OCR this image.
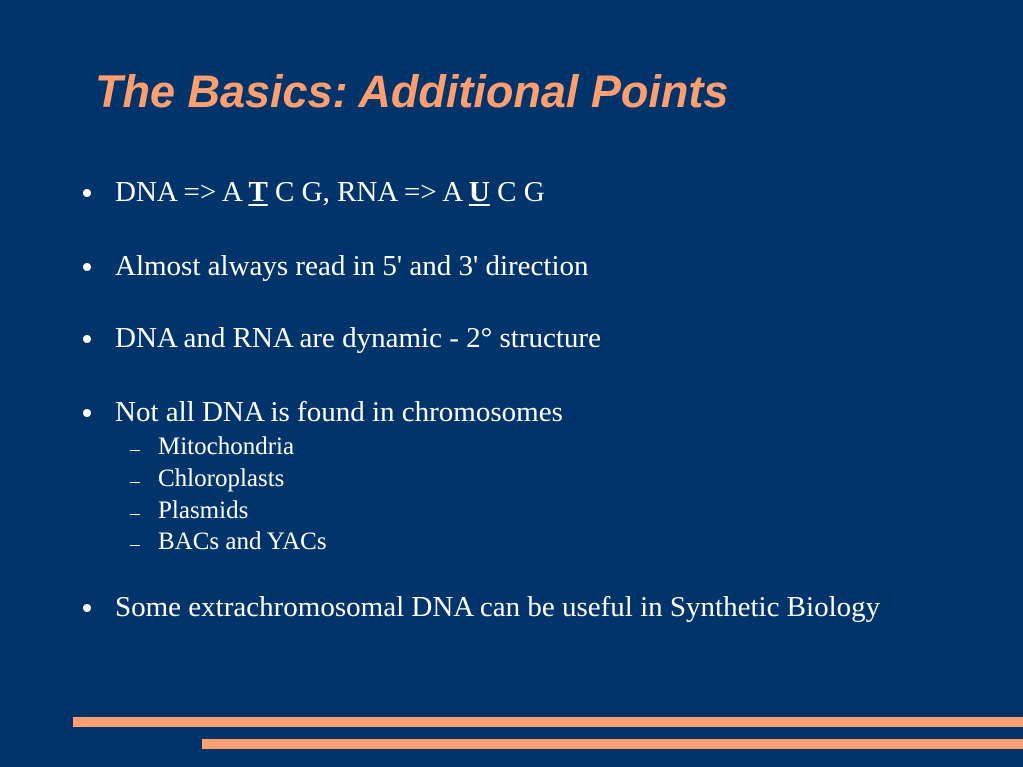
The Basics: Additional Points
DNA => A T C G, RNA => A U C G
Almost always read in 5' and 3' direction
DNA and RNA are dynamic - 2° structure
Not all DNA is found in chromosomes
Mitochondria
Chloroplasts
Plasmids
BACs and YACs
Some extrachromosomal DNA can be useful in Synthetic Biology
